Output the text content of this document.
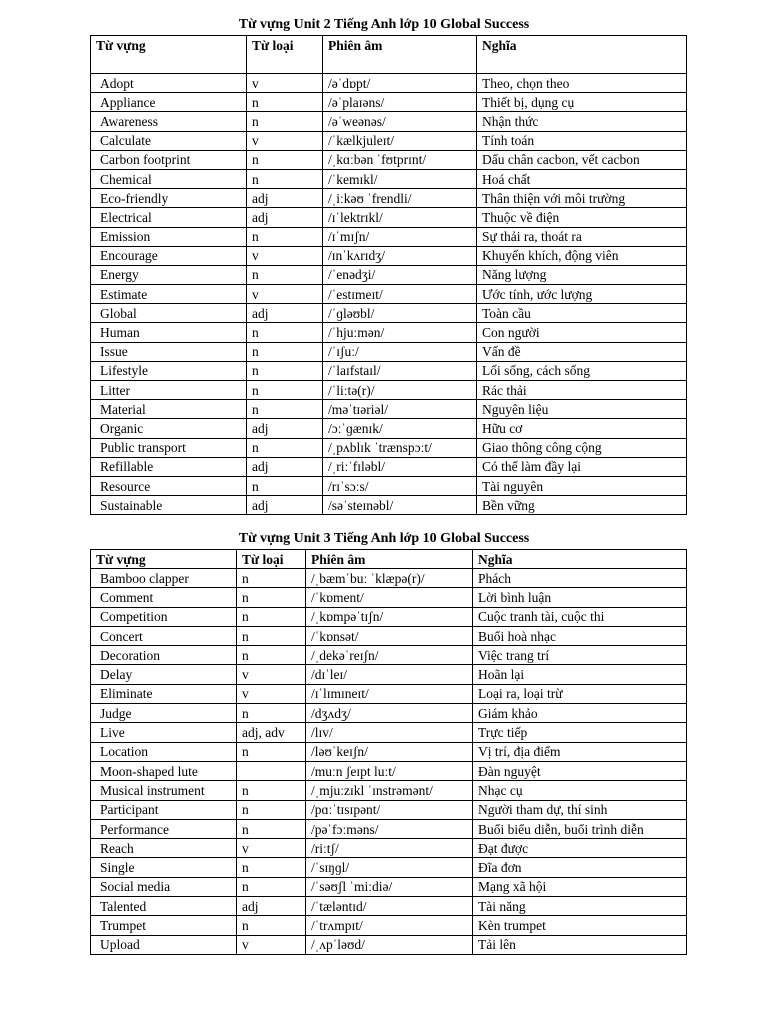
Từ vựng Unit 2 Tiếng Anh lớp 10 Global Success
Từ vựng	Từ loại	Phiên âm	Nghĩa
Adopt	v	/əˈdɒpt/	Theo, chọn theo
Appliance	n	/əˈplaɪəns/	Thiết bị, dụng cụ
Awareness	n	/əˈweənəs/	Nhận thức
Calculate	v	/ˈkælkjuleɪt/	Tính toán
Carbon footprint	n	/ˌkɑːbən ˈfʊtprɪnt/	Dấu chân cacbon, vết cacbon
Chemical	n	/ˈkemɪkl/	Hoá chất
Eco-friendly	adj	/ˌiːkəʊ ˈfrendli/	Thân thiện với môi trường
Electrical	adj	/ɪˈlektrɪkl/	Thuộc về điện
Emission	n	/ɪˈmɪʃn/	Sự thải ra, thoát ra
Encourage	v	/ɪnˈkʌrɪdʒ/	Khuyến khích, động viên
Energy	n	/ˈenədʒi/	Năng lượng
Estimate	v	/ˈestɪmeɪt/	Ước tính, ước lượng
Global	adj	/ˈɡləʊbl/	Toàn cầu
Human	n	/ˈhjuːmən/	Con người
Issue	n	/ˈɪʃuː/	Vấn đề
Lifestyle	n	/ˈlaɪfstaɪl/	Lối sống, cách sống
Litter	n	/ˈliːtə(r)/	Rác thải
Material	n	/məˈtɪəriəl/	Nguyên liệu
Organic	adj	/ɔːˈɡænɪk/	Hữu cơ
Public transport	n	/ˌpʌblɪk ˈtrænspɔːt/	Giao thông công cộng
Refillable	adj	/ˌriːˈfɪləbl/	Có thể làm đầy lại
Resource	n	/rɪˈsɔːs/	Tài nguyên
Sustainable	adj	/səˈsteɪnəbl/	Bền vững
Từ vựng Unit 3 Tiếng Anh lớp 10 Global Success
Từ vựng	Từ loại	Phiên âm	Nghĩa
Bamboo clapper	n	/ˌbæmˈbuː ˈklæpə(r)/	Phách
Comment	n	/ˈkɒment/	Lời bình luận
Competition	n	/ˌkɒmpəˈtɪʃn/	Cuộc tranh tài, cuộc thi
Concert	n	/ˈkɒnsət/	Buổi hoà nhạc
Decoration	n	/ˌdekəˈreɪʃn/	Việc trang trí
Delay	v	/dɪˈleɪ/	Hoãn lại
Eliminate	v	/ɪˈlɪmɪneɪt/	Loại ra, loại trừ
Judge	n	/dʒʌdʒ/	Giám khảo
Live	adj, adv	/lɪv/	Trực tiếp
Location	n	/ləʊˈkeɪʃn/	Vị trí, địa điểm
Moon-shaped lute		/muːn ʃeɪpt luːt/	Đàn nguyệt
Musical instrument	n	/ˌmjuːzɪkl ˈɪnstrəmənt/	Nhạc cụ
Participant	n	/pɑːˈtɪsɪpənt/	Người tham dự, thí sinh
Performance	n	/pəˈfɔːməns/	Buổi biểu diễn, buổi trình diễn
Reach	v	/riːtʃ/	Đạt được
Single	n	/ˈsɪŋɡl/	Đĩa đơn
Social media	n	/ˈsəʊʃl ˈmiːdiə/	Mạng xã hội
Talented	adj	/ˈtæləntɪd/	Tài năng
Trumpet	n	/ˈtrʌmpɪt/	Kèn trumpet
Upload	v	/ˌʌpˈləʊd/	Tải lên
